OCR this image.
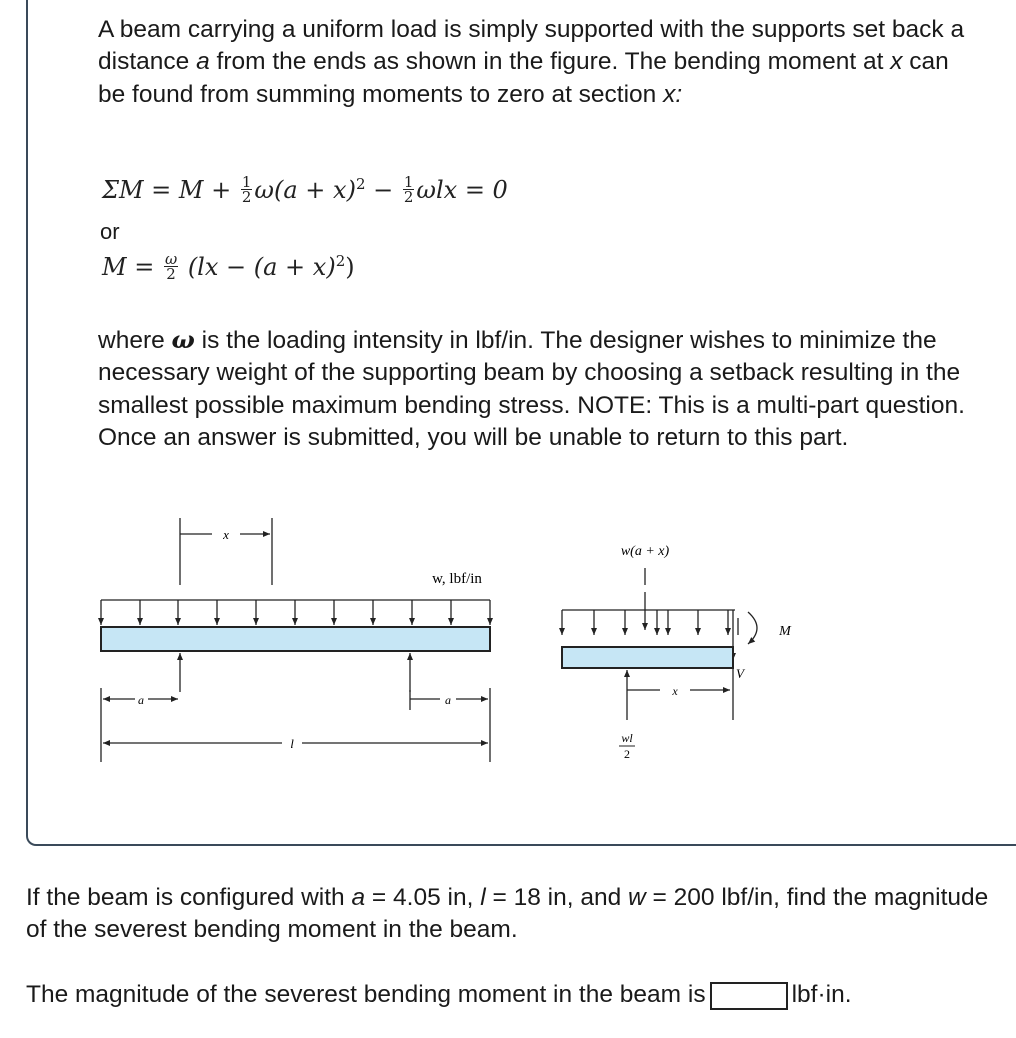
A beam carrying a uniform load is simply supported with the supports set back a distance a from the ends as shown in the figure. The bending moment at x can be found from summing moments to zero at section x:

$\Sigma M = M + \frac{1}{2} \omega(a + x)^2 - \frac{1}{2}$ ωlx = 0
or
$M = \frac{\omega}{2} (lx - (a + x)^2$ )

where ω is the loading intensity in lbf/in. The designer wishes to minimize the necessary weight of the supporting beam by choosing a setback resulting in the smallest possible maximum bending stress. NOTE: This is a multi-part question. Once an answer is submitted, you will be unable to return to this part.

x
w, lbf/in
a	a
l
w(a + x)
M
V
x
wl
2

If the beam is configured with a = 4.05 in, l = 18 in, and w = 200 lbf/in, find the magnitude of the severest bending moment in the beam.

The magnitude of the severest bending moment in the beam is	lbf·in.
